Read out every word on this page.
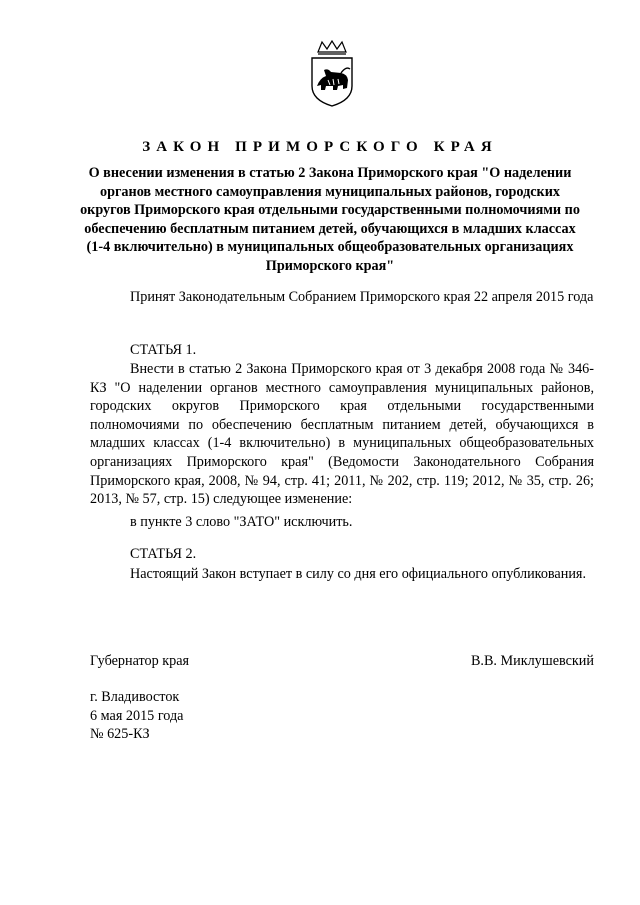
ЗАКОН ПРИМОРСКОГО КРАЯ
О внесении изменения в статью 2 Закона Приморского края "О наделении органов местного самоуправления муниципальных районов, городских округов Приморского края отдельными государственными полномочиями по обеспечению бесплатным питанием детей, обучающихся в младших классах (1-4 включительно) в муниципальных общеобразовательных организациях Приморского края"
Принят Законодательным Собранием Приморского края 22 апреля 2015 года
СТАТЬЯ 1.
Внести в статью 2 Закона Приморского края от 3 декабря 2008 года № 346-КЗ "О наделении органов местного самоуправления муниципальных районов, городских округов Приморского края отдельными государственными полномочиями по обеспечению бесплатным питанием детей, обучающихся в младших классах (1-4 включительно) в муниципальных общеобразовательных организациях Приморского края" (Ведомости Законодательного Собрания Приморского края, 2008, № 94, стр. 41; 2011, № 202, стр. 119; 2012, № 35, стр. 26; 2013, № 57, стр. 15) следующее изменение:
в пункте 3 слово "ЗАТО" исключить.
СТАТЬЯ 2.
Настоящий Закон вступает в силу со дня его официального опубликования.
Губернатор края	В.В. Миклушевский
г. Владивосток
6 мая 2015 года
№ 625-КЗ
